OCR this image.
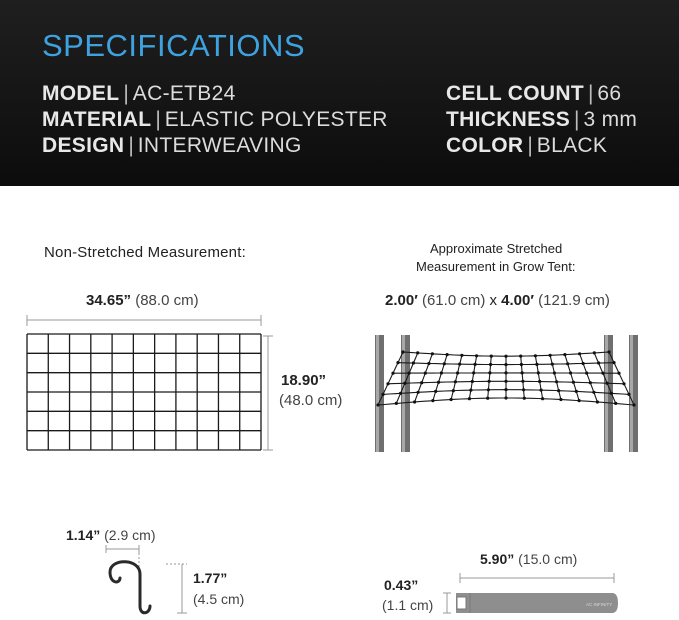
SPECIFICATIONS
MODEL | AC-ETB24
MATERIAL | ELASTIC POLYESTER
DESIGN | INTERWEAVING
CELL COUNT | 66
THICKNESS | 3 mm
COLOR | BLACK
Non-Stretched Measurement:
34.65” (88.0 cm)
AC INFINITY
18.90”
(48.0 cm)
Approximate Stretched
Measurement in Grow Tent:
2.00′ (61.0 cm) x 4.00′ (121.9 cm)
1.14” (2.9 cm)
1.77”
(4.5 cm)
5.90” (15.0 cm)
0.43”
(1.1 cm)
